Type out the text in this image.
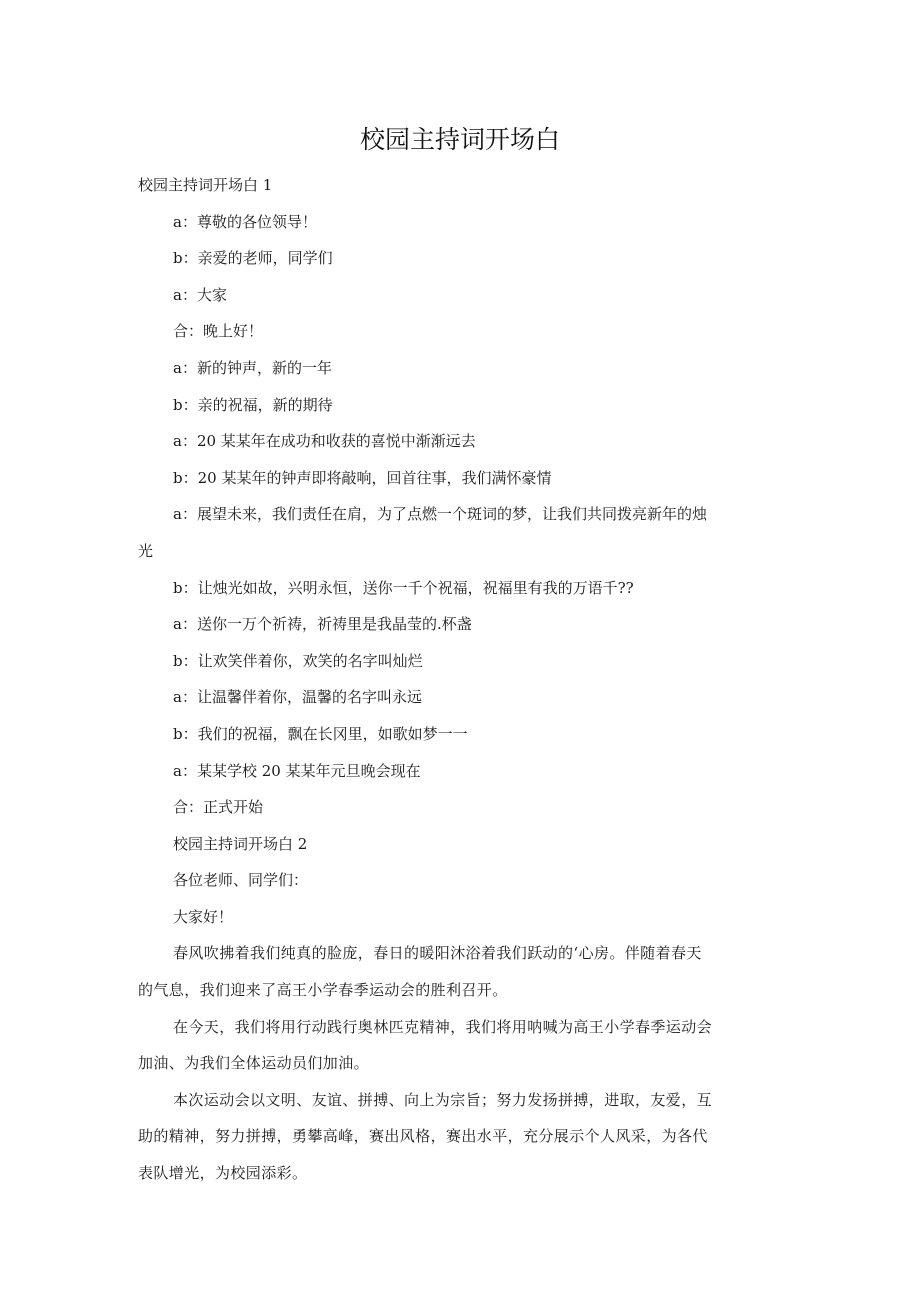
校园主持词开场白
校园主持词开场白 1
a：尊敬的各位领导！
b：亲爱的老师，同学们
a：大家
合：晚上好！
a：新的钟声，新的一年
b：亲的祝福，新的期待
a：20 某某年在成功和收获的喜悦中渐渐远去
b：20 某某年的钟声即将敲响，回首往事，我们满怀豪情
a：展望未来，我们责任在肩，为了点燃一个斑词的梦，让我们共同拨亮新年的烛
光
b：让烛光如故，兴明永恒，送你一千个祝福，祝福里有我的万语千??
a：送你一万个祈祷，祈祷里是我晶莹的.杯盏
b：让欢笑伴着你，欢笑的名字叫灿烂
a：让温馨伴着你，温馨的名字叫永远
b：我们的祝福，飘在长冈里，如歌如梦一一
a：某某学校 20 某某年元旦晚会现在
合：正式开始
校园主持词开场白 2
各位老师、同学们：
大家好！
春风吹拂着我们纯真的脸庞，春日的暖阳沐浴着我们跃动的‘心房。伴随着春天
的气息，我们迎来了高王小学春季运动会的胜利召开。
在今天，我们将用行动践行奥林匹克精神，我们将用呐喊为高王小学春季运动会
加油、为我们全体运动员们加油。
本次运动会以文明、友谊、拼搏、向上为宗旨；努力发扬拼搏，进取，友爱，互
助的精神，努力拼搏，勇攀高峰，赛出风格，赛出水平，充分展示个人风采，为各代
表队增光，为校园添彩。
